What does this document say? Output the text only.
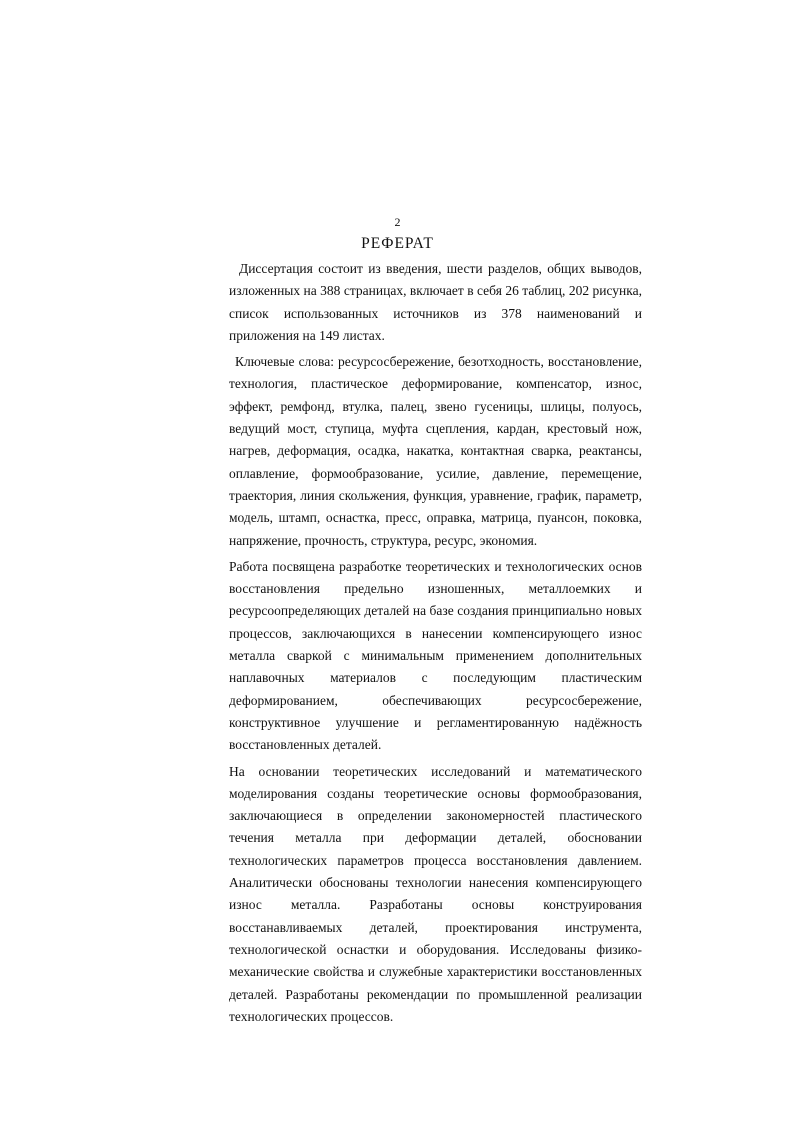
2
РЕФЕРАТ

Диссертация состоит из введения, шести разделов, общих выводов, изложенных на 388 страницах, включает в себя 26 таблиц, 202 рисунка, список использованных источников из 378 наименований и приложения на 149 листах.

Ключевые слова: ресурсосбережение, безотходность, восстановление, технология, пластическое деформирование, компенсатор, износ, эффект, ремфонд, втулка, палец, звено гусеницы, шлицы, полуось, ведущий мост, ступица, муфта сцепления, кардан, крестовый нож, нагрев, деформация, осадка, накатка, контактная сварка, реактансы, оплавление, формообразование, усилие, давление, перемещение, траектория, линия скольжения, функция, уравнение, график, параметр, модель, штамп, оснастка, пресс, оправка, матрица, пуансон, поковка, напряжение, прочность, структура, ресурс, экономия.

Работа посвящена разработке теоретических и технологических основ восстановления предельно изношенных, металлоемких и ресурсоопределяющих деталей на базе создания принципиально новых процессов, заключающихся в нанесении компенсирующего износ металла сваркой с минимальным применением дополнительных наплавочных материалов с последующим пластическим деформированием, обеспечивающих ресурсосбережение, конструктивное улучшение и регламентированную надёжность восстановленных деталей.

На основании теоретических исследований и математического моделирования созданы теоретические основы формообразования, заключающиеся в определении закономерностей пластического течения металла при деформации деталей, обосновании технологических параметров процесса восстановления давлением. Аналитически обоснованы технологии нанесения компенсирующего износ металла. Разработаны основы конструирования восстанавливаемых деталей, проектирования инструмента, технологической оснастки и оборудования. Исследованы физико-механические свойства и служебные характеристики восстановленных деталей. Разработаны рекомендации по промышленной реализации технологических процессов.
